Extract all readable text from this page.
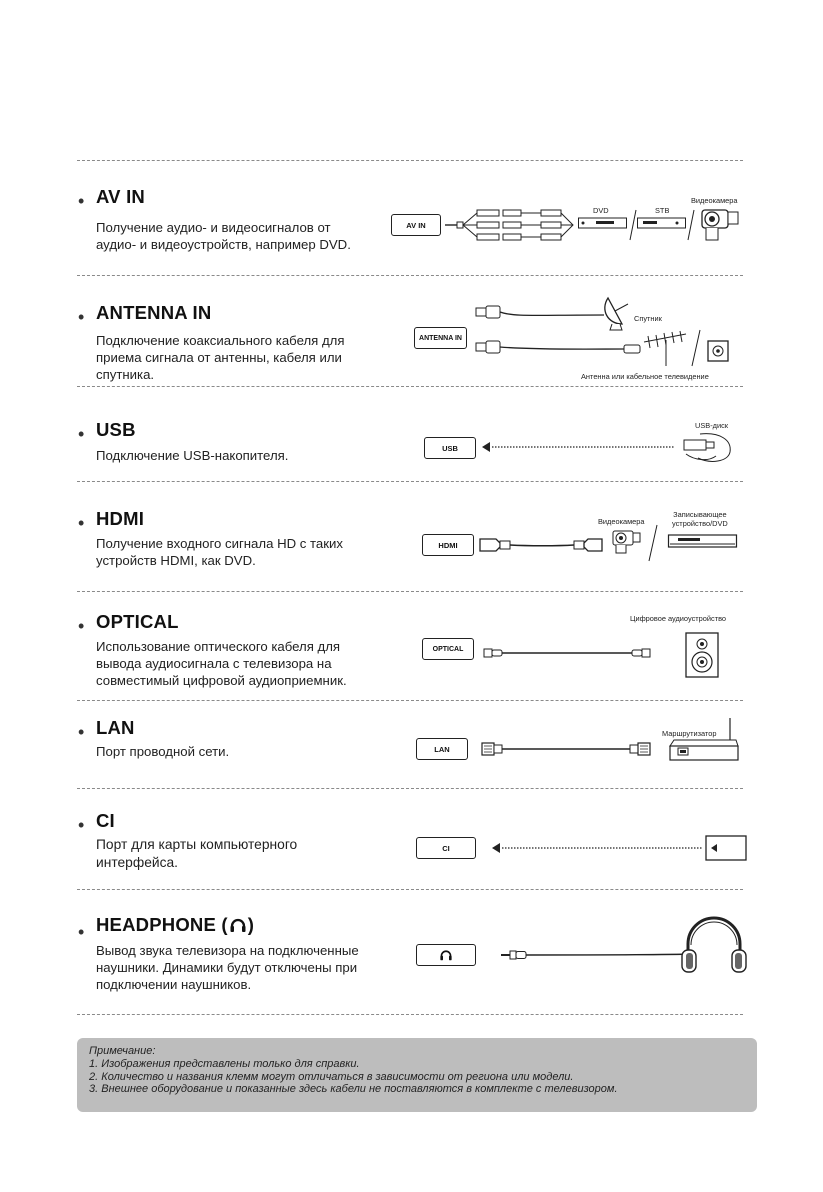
• AV IN
Получение аудио- и видеосигналов от
аудио- и видеоустройств, например DVD.
AV IN
DVD	STB
Видеокамера
• ANTENNA IN
Подключение коаксиального кабеля для
приема сигнала от антенны, кабеля или
спутника.
ANTENNA IN
Спутник
Антенна или кабельное телевидение
• USB
Подключение USB-накопителя.	USB
USB-диск
• HDMI
Получение входного сигнала HD с таких
устройств HDMI, как DVD.
HDMI
Видеокамера
Записывающее
устройство/DVD
• OPTICAL
Использование оптического кабеля для
вывода аудиосигнала с телевизора на
совместимый цифровой аудиоприемник.
OPTICAL
Цифровое аудиоустройство
• LAN
Порт проводной сети.	LAN
Маршрутизатор
• CI
Порт для карты компьютерного
интерфейса.
CI
• HEADPHONE ( )
Вывод звука телевизора на подключенные
наушники. Динамики будут отключены при
подключении наушников.
Примечание:
1. Изображения представлены только для справки.
2. Количество и названия клемм могут отличаться в зависимости от региона или модели.
3. Внешнее оборудование и показанные здесь кабели не поставляются в комплекте с телевизором.
